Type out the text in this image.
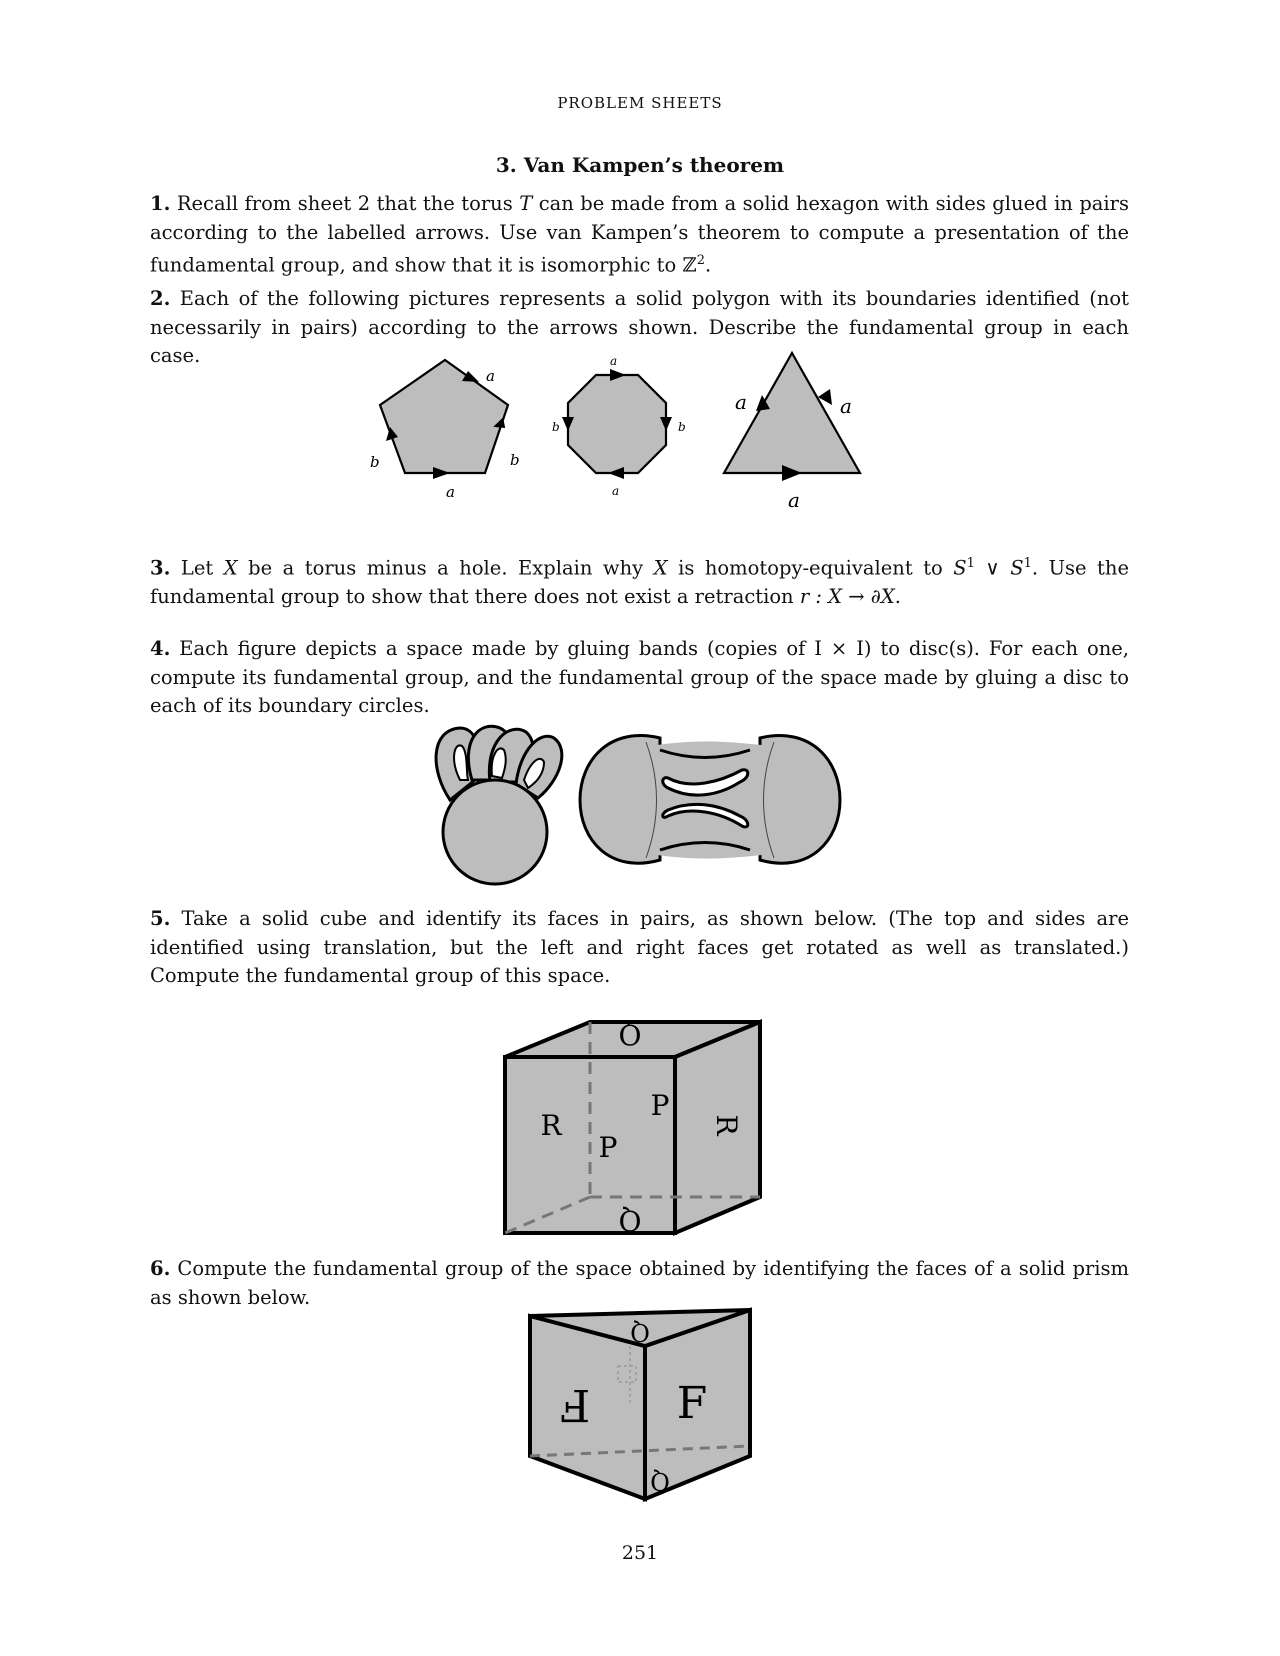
PROBLEM SHEETS
3. Van Kampen’s theorem
1. Recall from sheet 2 that the torus T can be made from a solid hexagon with sides glued in pairs according to the labelled arrows. Use van Kampen’s theorem to compute a presentation of the fundamental group, and show that it is isomorphic to ℤ$^2$.
2. Each of the following pictures represents a solid polygon with its boundaries identified (not necessarily in pairs) according to the arrows shown. Describe the fundamental group in each case.
a
b
b
a
a
b	b
a
a	a
a
3. Let X be a torus minus a hole. Explain why X is homotopy-equivalent to $S^1$ ∨ $S^1$. Use the fundamental group to show that there does not exist a retraction r : X → ∂X.
4. Each figure depicts a space made by gluing bands (copies of I × I) to disc(s). For each one, compute its fundamental group, and the fundamental group of the space made by gluing a disc to each of its boundary circles.
5. Take a solid cube and identify its faces in pairs, as shown below. (The top and sides are identified using translation, but the left and right faces get rotated as well as translated.) Compute the fundamental group of this space.
Q
Q
R	R
P
P
6. Compute the fundamental group of the space obtained by identifying the faces of a solid prism as shown below.
Q
Q
F F
251
